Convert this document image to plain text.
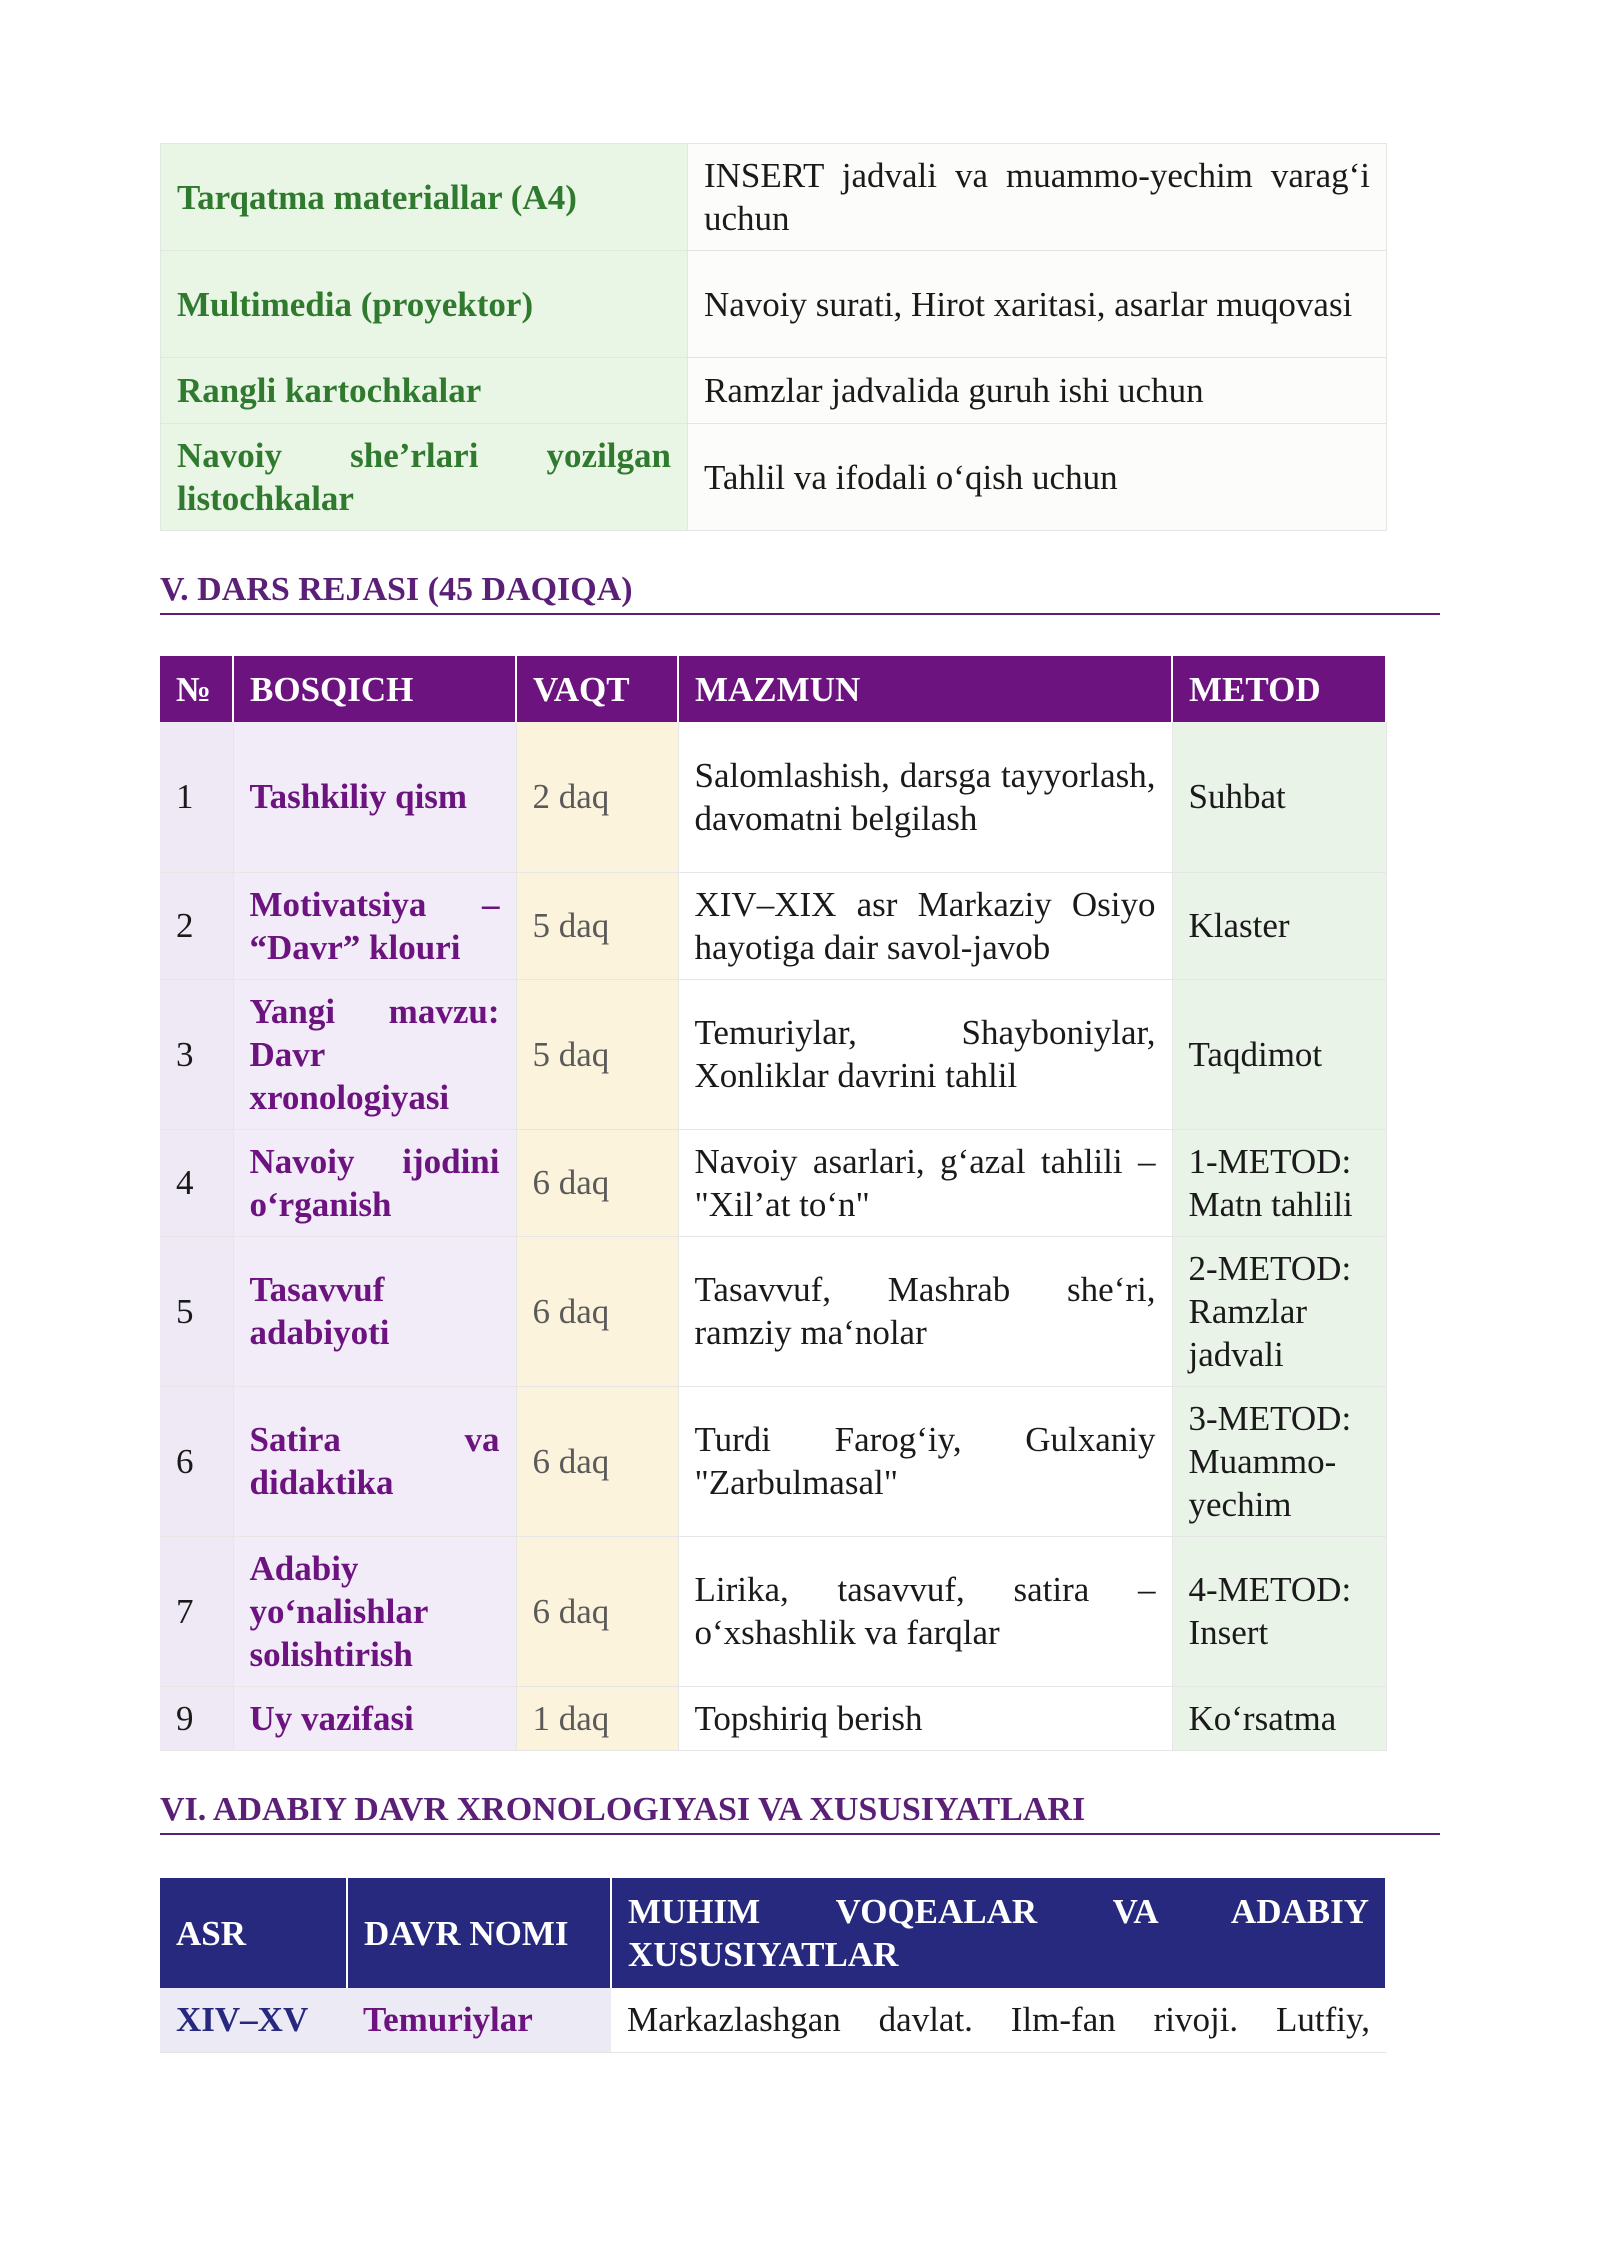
Tarqatma materiallar (A4)	INSERT jadvali va muammo-yechim varag‘i uchun
Multimedia (proyektor)	Navoiy surati, Hirot xaritasi, asarlar muqovasi
Rangli kartochkalar	Ramzlar jadvalida guruh ishi uchun
Navoiy she’rlari yozilgan listochkalar	Tahlil va ifodali o‘qish uchun
V. DARS REJASI (45 DAQIQA)
№	BOSQICH	VAQT	MAZMUN	METOD
1	Tashkiliy qism	2 daq	Salomlashish, darsga tayyorlash, davomatni belgilash	Suhbat
2	Motivatsiya – “Davr” klouri	5 daq	XIV–XIX asr Markaziy Osiyo hayotiga dair savol-javob	Klaster
3	Yangi mavzu: Davr xronologiyasi	5 daq	Temuriylar, Shayboniylar, Xonliklar davrini tahlil	Taqdimot
4	Navoiy ijodini o‘rganish	6 daq	Navoiy asarlari, g‘azal tahlili – "Xil’at to‘n"	1-METOD: Matn tahlili
5	Tasavvuf adabiyoti	6 daq	Tasavvuf, Mashrab she‘ri, ramziy ma‘nolar	2-METOD: Ramzlar jadvali
6	Satira va didaktika	6 daq	Turdi Farog‘iy, Gulxaniy "Zarbulmasal"	3-METOD: Muammo-yechim
7	Adabiy yo‘nalishlar solishtirish	6 daq	Lirika, tasavvuf, satira – o‘xshashlik va farqlar	4-METOD: Insert
9	Uy vazifasi	1 daq	Topshiriq berish	Ko‘rsatma
VI. ADABIY DAVR XRONOLOGIYASI VA XUSUSIYATLARI
ASR	DAVR NOMI	MUHIM VOQEALAR VA ADABIY XUSUSIYATLAR
XIV–XV	Temuriylar	Markazlashgan davlat. Ilm-fan rivoji. Lutfiy,
